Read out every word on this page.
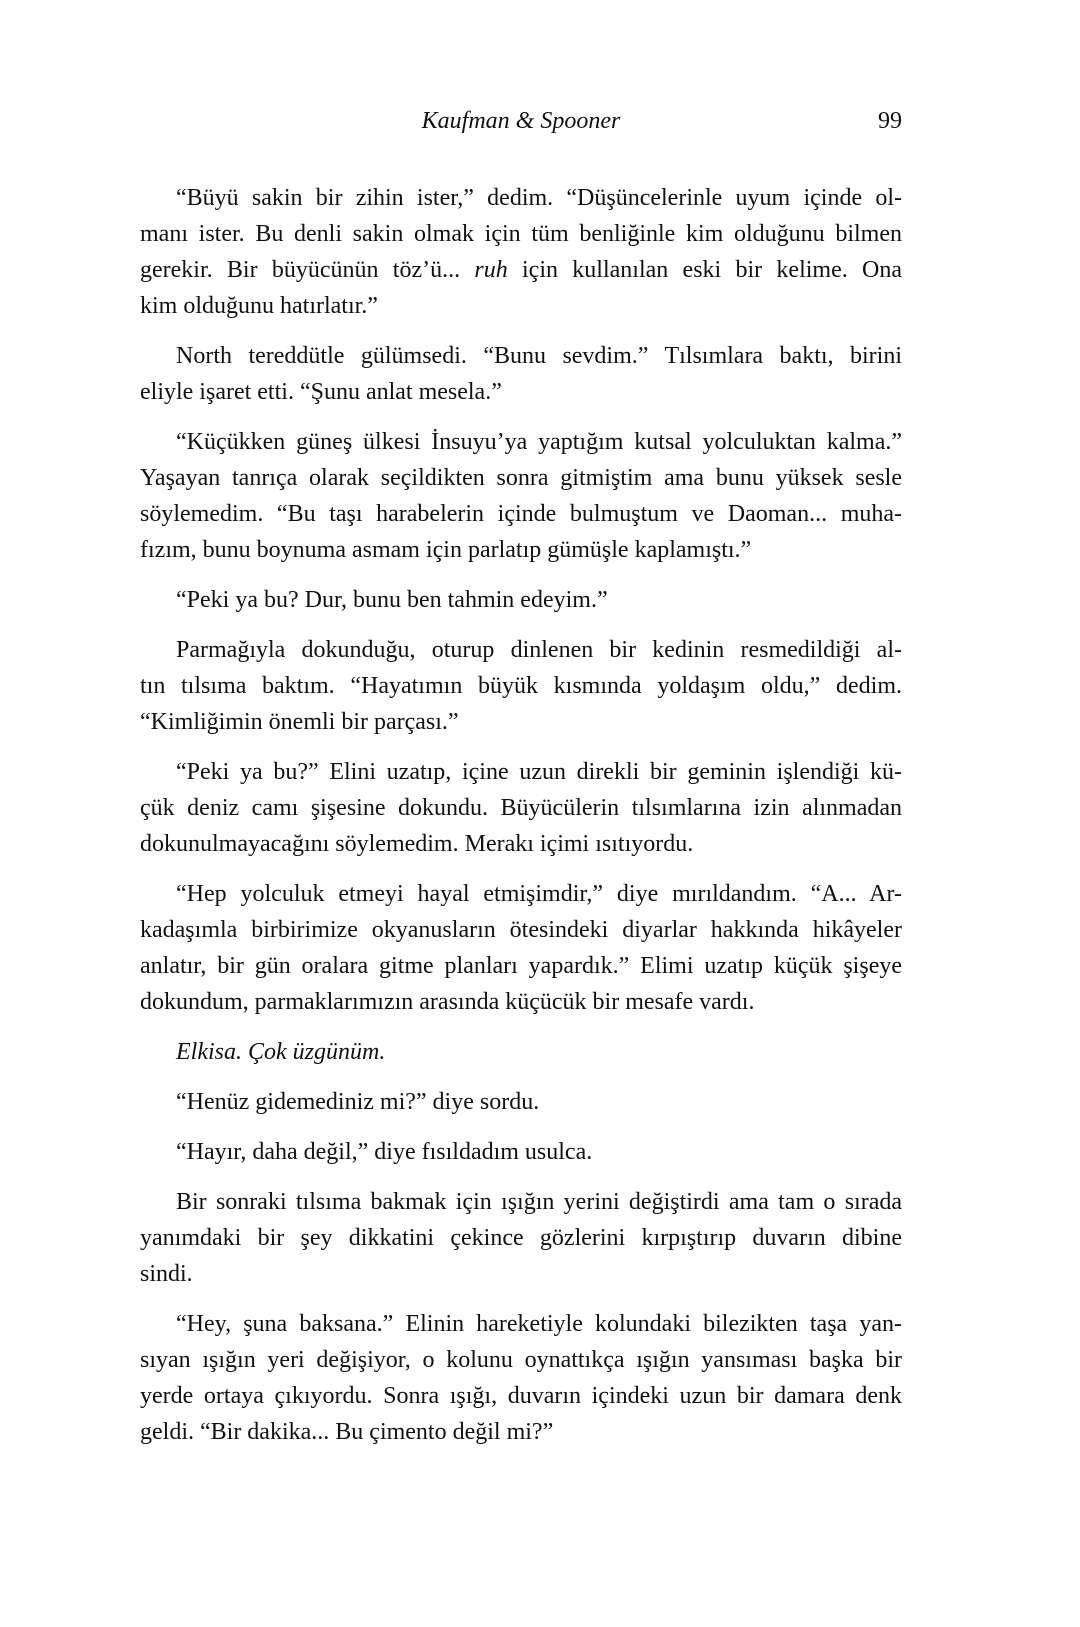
Kaufman & Spooner	99
“Büyü sakin bir zihin ister,” dedim. “Düşüncelerinle uyum içinde ol-
manı ister. Bu denli sakin olmak için tüm benliğinle kim olduğunu bilmen
gerekir. Bir büyücünün töz’ü... ruh için kullanılan eski bir kelime. Ona
kim olduğunu hatırlatır.”
North tereddütle gülümsedi. “Bunu sevdim.” Tılsımlara baktı, birini
eliyle işaret etti. “Şunu anlat mesela.”
“Küçükken güneş ülkesi İnsuyu’ya yaptığım kutsal yolculuktan kalma.”
Yaşayan tanrıça olarak seçildikten sonra gitmiştim ama bunu yüksek sesle
söylemedim. “Bu taşı harabelerin içinde bulmuştum ve Daoman... muha-
fızım, bunu boynuma asmam için parlatıp gümüşle kaplamıştı.”
“Peki ya bu? Dur, bunu ben tahmin edeyim.”
Parmağıyla dokunduğu, oturup dinlenen bir kedinin resmedildiği al-
tın tılsıma baktım. “Hayatımın büyük kısmında yoldaşım oldu,” dedim.
“Kimliğimin önemli bir parçası.”
“Peki ya bu?” Elini uzatıp, içine uzun direkli bir geminin işlendiği kü-
çük deniz camı şişesine dokundu. Büyücülerin tılsımlarına izin alınmadan
dokunulmayacağını söylemedim. Merakı içimi ısıtıyordu.
“Hep yolculuk etmeyi hayal etmişimdir,” diye mırıldandım. “A... Ar-
kadaşımla birbirimize okyanusların ötesindeki diyarlar hakkında hikâyeler
anlatır, bir gün oralara gitme planları yapardık.” Elimi uzatıp küçük şişeye
dokundum, parmaklarımızın arasında küçücük bir mesafe vardı.
Elkisa. Çok üzgünüm.
“Henüz gidemediniz mi?” diye sordu.
“Hayır, daha değil,” diye fısıldadım usulca.
Bir sonraki tılsıma bakmak için ışığın yerini değiştirdi ama tam o sırada
yanımdaki bir şey dikkatini çekince gözlerini kırpıştırıp duvarın dibine
sindi.
“Hey, şuna baksana.” Elinin hareketiyle kolundaki bilezikten taşa yan-
sıyan ışığın yeri değişiyor, o kolunu oynattıkça ışığın yansıması başka bir
yerde ortaya çıkıyordu. Sonra ışığı, duvarın içindeki uzun bir damara denk
geldi. “Bir dakika... Bu çimento değil mi?”
